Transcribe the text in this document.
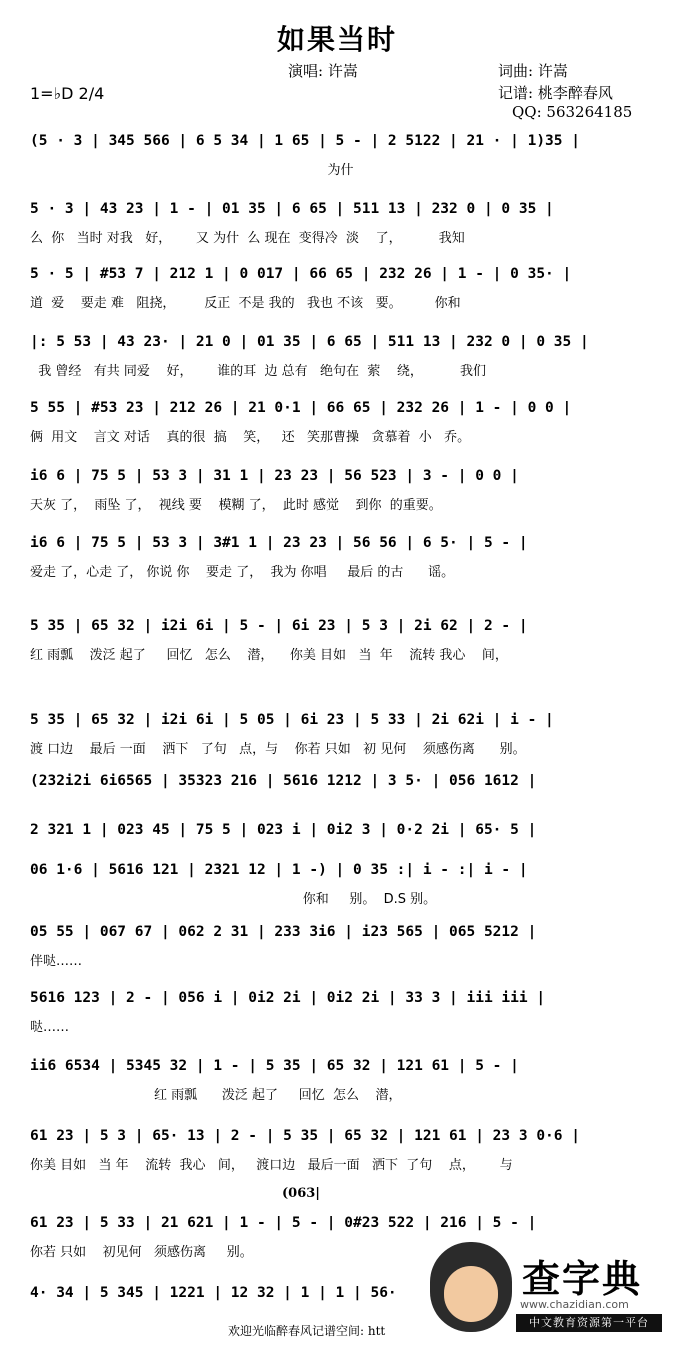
如果当时
演唱: 许嵩	词曲: 许嵩
记谱: 桃李醉春风
QQ: 563264185
1=♭D 2/4
(5 · 3 | 345 566 | 6 5 34 | 1 65 | 5 - | 2 5122 | 21 · | 1)35 |
为什
5 · 3 | 43 23 | 1 - | 01 35 | 6 65 | 511 13 | 232 0 | 0 35 |
么  你   当时 对我   好，      又 为什  么 现在  变得冷  淡    了，         我知
5 · 5 | #53 7 | 212 1 | 0 017 | 66 65 | 232 26 | 1 - | 0 35· |
道  爱    要走 难   阻挠，       反正  不是 我的   我也 不该   要。        你和
|: 5 53 | 43 23· | 21 0 | 01 35 | 6 65 | 511 13 | 232 0 | 0 35 |
我 曾经   有共 同爱    好，      谁的耳  边 总有   绝句在  萦    绕，         我们
5 55 | #53 23 | 212 26 | 21 0·1 | 66 65 | 232 26 | 1 - | 0 0 |
俩  用文    言文 对话    真的很  搞    笑，   还   笑那曹操   贪慕着  小   乔。
i6 6 | 75 5 | 53 3 | 31 1 | 23 23 | 56 523 | 3 - | 0 0 |
天灰 了，  雨坠 了，  视线 要    模糊 了，  此时 感觉    到你  的重要。
i6 6 | 75 5 | 53 3 | 3#1 1 | 23 23 | 56 56 | 6 5· | 5 - |
爱走 了，心走 了， 你说 你    要走 了，  我为 你唱     最后 的古      谣。
5 35 | 65 32 | i2i 6i | 5 - | 6i 23 | 5 3 | 2i 62 | 2 - |
红 雨瓢    泼泛 起了     回忆   怎么    潜，    你美 目如   当  年    流转 我心    间，
5 35 | 65 32 | i2i 6i | 5 05 | 6i 23 | 5 33 | 2i 62i | i - |
渡 口边    最后 一面    洒下   了句   点，与    你若 只如   初 见何    须感伤离      别。
(232i2i 6i6565 | 35323 216 | 5616 1212 | 3 5· | 056 1612 |
2 321 1 | 023 45 | 75 5 | 023 i | 0i2 3 | 0·2 2i | 65· 5 |
06 1·6 | 5616 121 | 2321 12 | 1 -) | 0 35 :| i - :| i - |
你和     别。  D.S 别。
05 55 | 067 67 | 062 2 31 | 233 3i6 | i23 565 | 065 5212 |
伴哒……
5616 123 | 2 - | 056 i | 0i2 2i | 0i2 2i | 33 3 | iii iii |
哒……
ii6 6534 | 5345 32 | 1 - | 5 35 | 65 32 | 121 61 | 5 - |
红 雨瓢      泼泛 起了     回忆  怎么    潜，
61 23 | 5 3 | 65· 13 | 2 - | 5 35 | 65 32 | 121 61 | 23 3 0·6 |
你美 目如   当 年    流转  我心   间，   渡口边   最后一面   洒下  了句    点，      与
61 23 | 5 33 | 21 621 | 1 - | 5 - | 0#23 522 | 216 | 5 - |
你若 只如    初见何   须感伤离     别。
4· 34 | 5 345 | 1221 | 12 32 | 1 | 1 | 56·
(063|
欢迎光临醉春风记谱空间: htt
查字典
www.chazidian.com
中文教育资源第一平台
